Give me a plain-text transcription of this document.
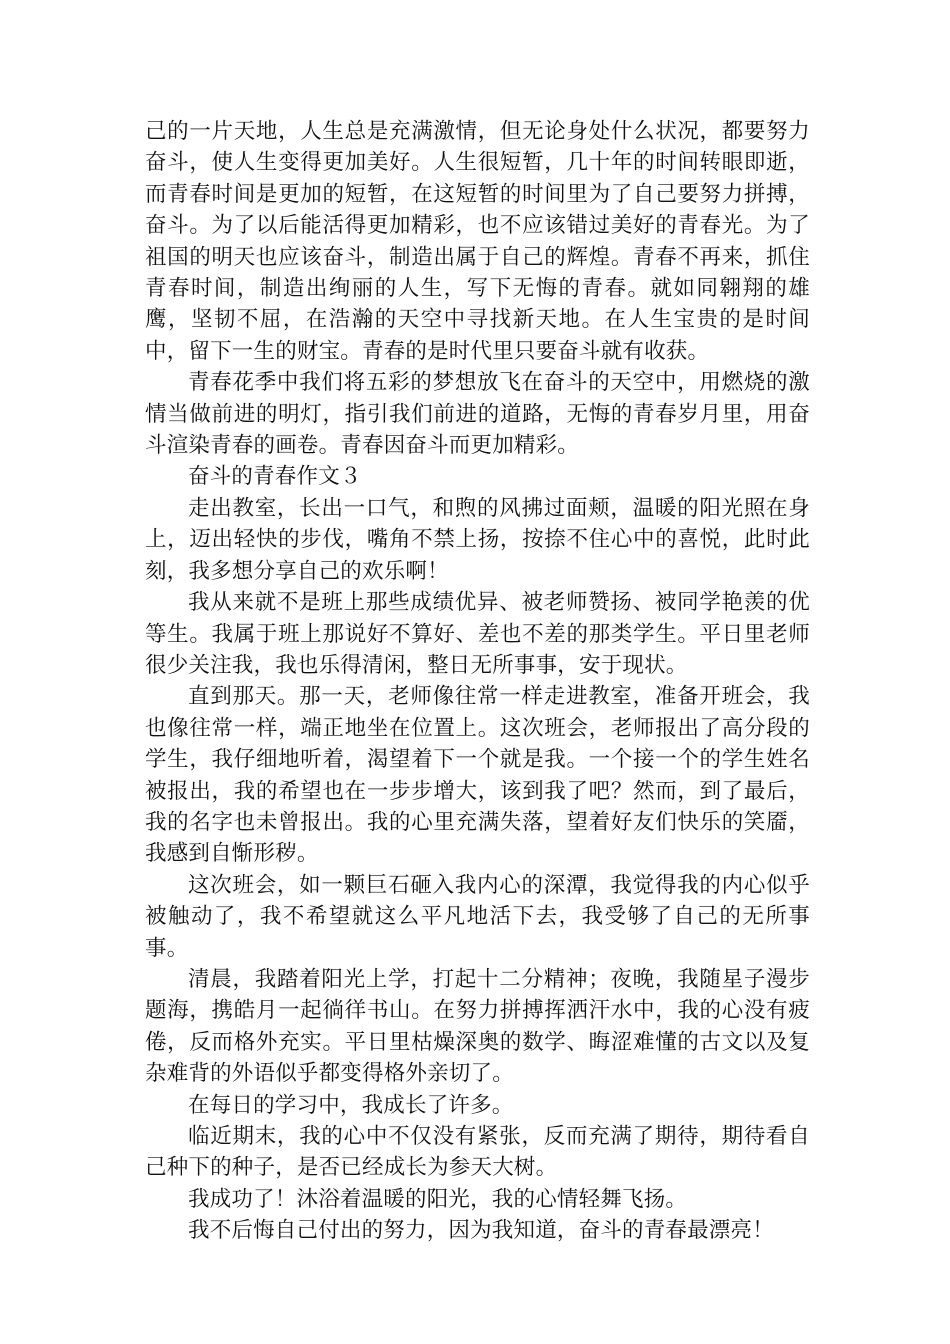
己的一片天地，人生总是充满激情，但无论身处什么状况，都要努力奋斗，使人生变得更加美好。人生很短暂，几十年的时间转眼即逝，而青春时间是更加的短暂，在这短暂的时间里为了自己要努力拼搏，奋斗。为了以后能活得更加精彩，也不应该错过美好的青春光。为了祖国的明天也应该奋斗，制造出属于自己的辉煌。青春不再来，抓住青春时间，制造出绚丽的人生，写下无悔的青春。就如同翱翔的雄鹰，坚韧不屈，在浩瀚的天空中寻找新天地。在人生宝贵的是时间中，留下一生的财宝。青春的是时代里只要奋斗就有收获。

青春花季中我们将五彩的梦想放飞在奋斗的天空中，用燃烧的激情当做前进的明灯，指引我们前进的道路，无悔的青春岁月里，用奋斗渲染青春的画卷。青春因奋斗而更加精彩。

奋斗的青春作文３

走出教室，长出一口气，和煦的风拂过面颊，温暖的阳光照在身上，迈出轻快的步伐，嘴角不禁上扬，按捺不住心中的喜悦，此时此刻，我多想分享自己的欢乐啊！

我从来就不是班上那些成绩优异、被老师赞扬、被同学艳羡的优等生。我属于班上那说好不算好、差也不差的那类学生。平日里老师很少关注我，我也乐得清闲，整日无所事事，安于现状。

直到那天。那一天，老师像往常一样走进教室，准备开班会，我也像往常一样，端正地坐在位置上。这次班会，老师报出了高分段的学生，我仔细地听着，渴望着下一个就是我。一个接一个的学生姓名被报出，我的希望也在一步步增大，该到我了吧？然而，到了最后，我的名字也未曾报出。我的心里充满失落，望着好友们快乐的笑靥，我感到自惭形秽。

这次班会，如一颗巨石砸入我内心的深潭，我觉得我的内心似乎被触动了，我不希望就这么平凡地活下去，我受够了自己的无所事事。

清晨，我踏着阳光上学，打起十二分精神；夜晚，我随星子漫步题海，携皓月一起徜徉书山。在努力拼搏挥洒汗水中，我的心没有疲倦，反而格外充实。平日里枯燥深奥的数学、晦涩难懂的古文以及复杂难背的外语似乎都变得格外亲切了。

在每日的学习中，我成长了许多。

临近期末，我的心中不仅没有紧张，反而充满了期待，期待看自己种下的种子，是否已经成长为参天大树。

我成功了！沐浴着温暖的阳光，我的心情轻舞飞扬。

我不后悔自己付出的努力，因为我知道，奋斗的青春最漂亮！
